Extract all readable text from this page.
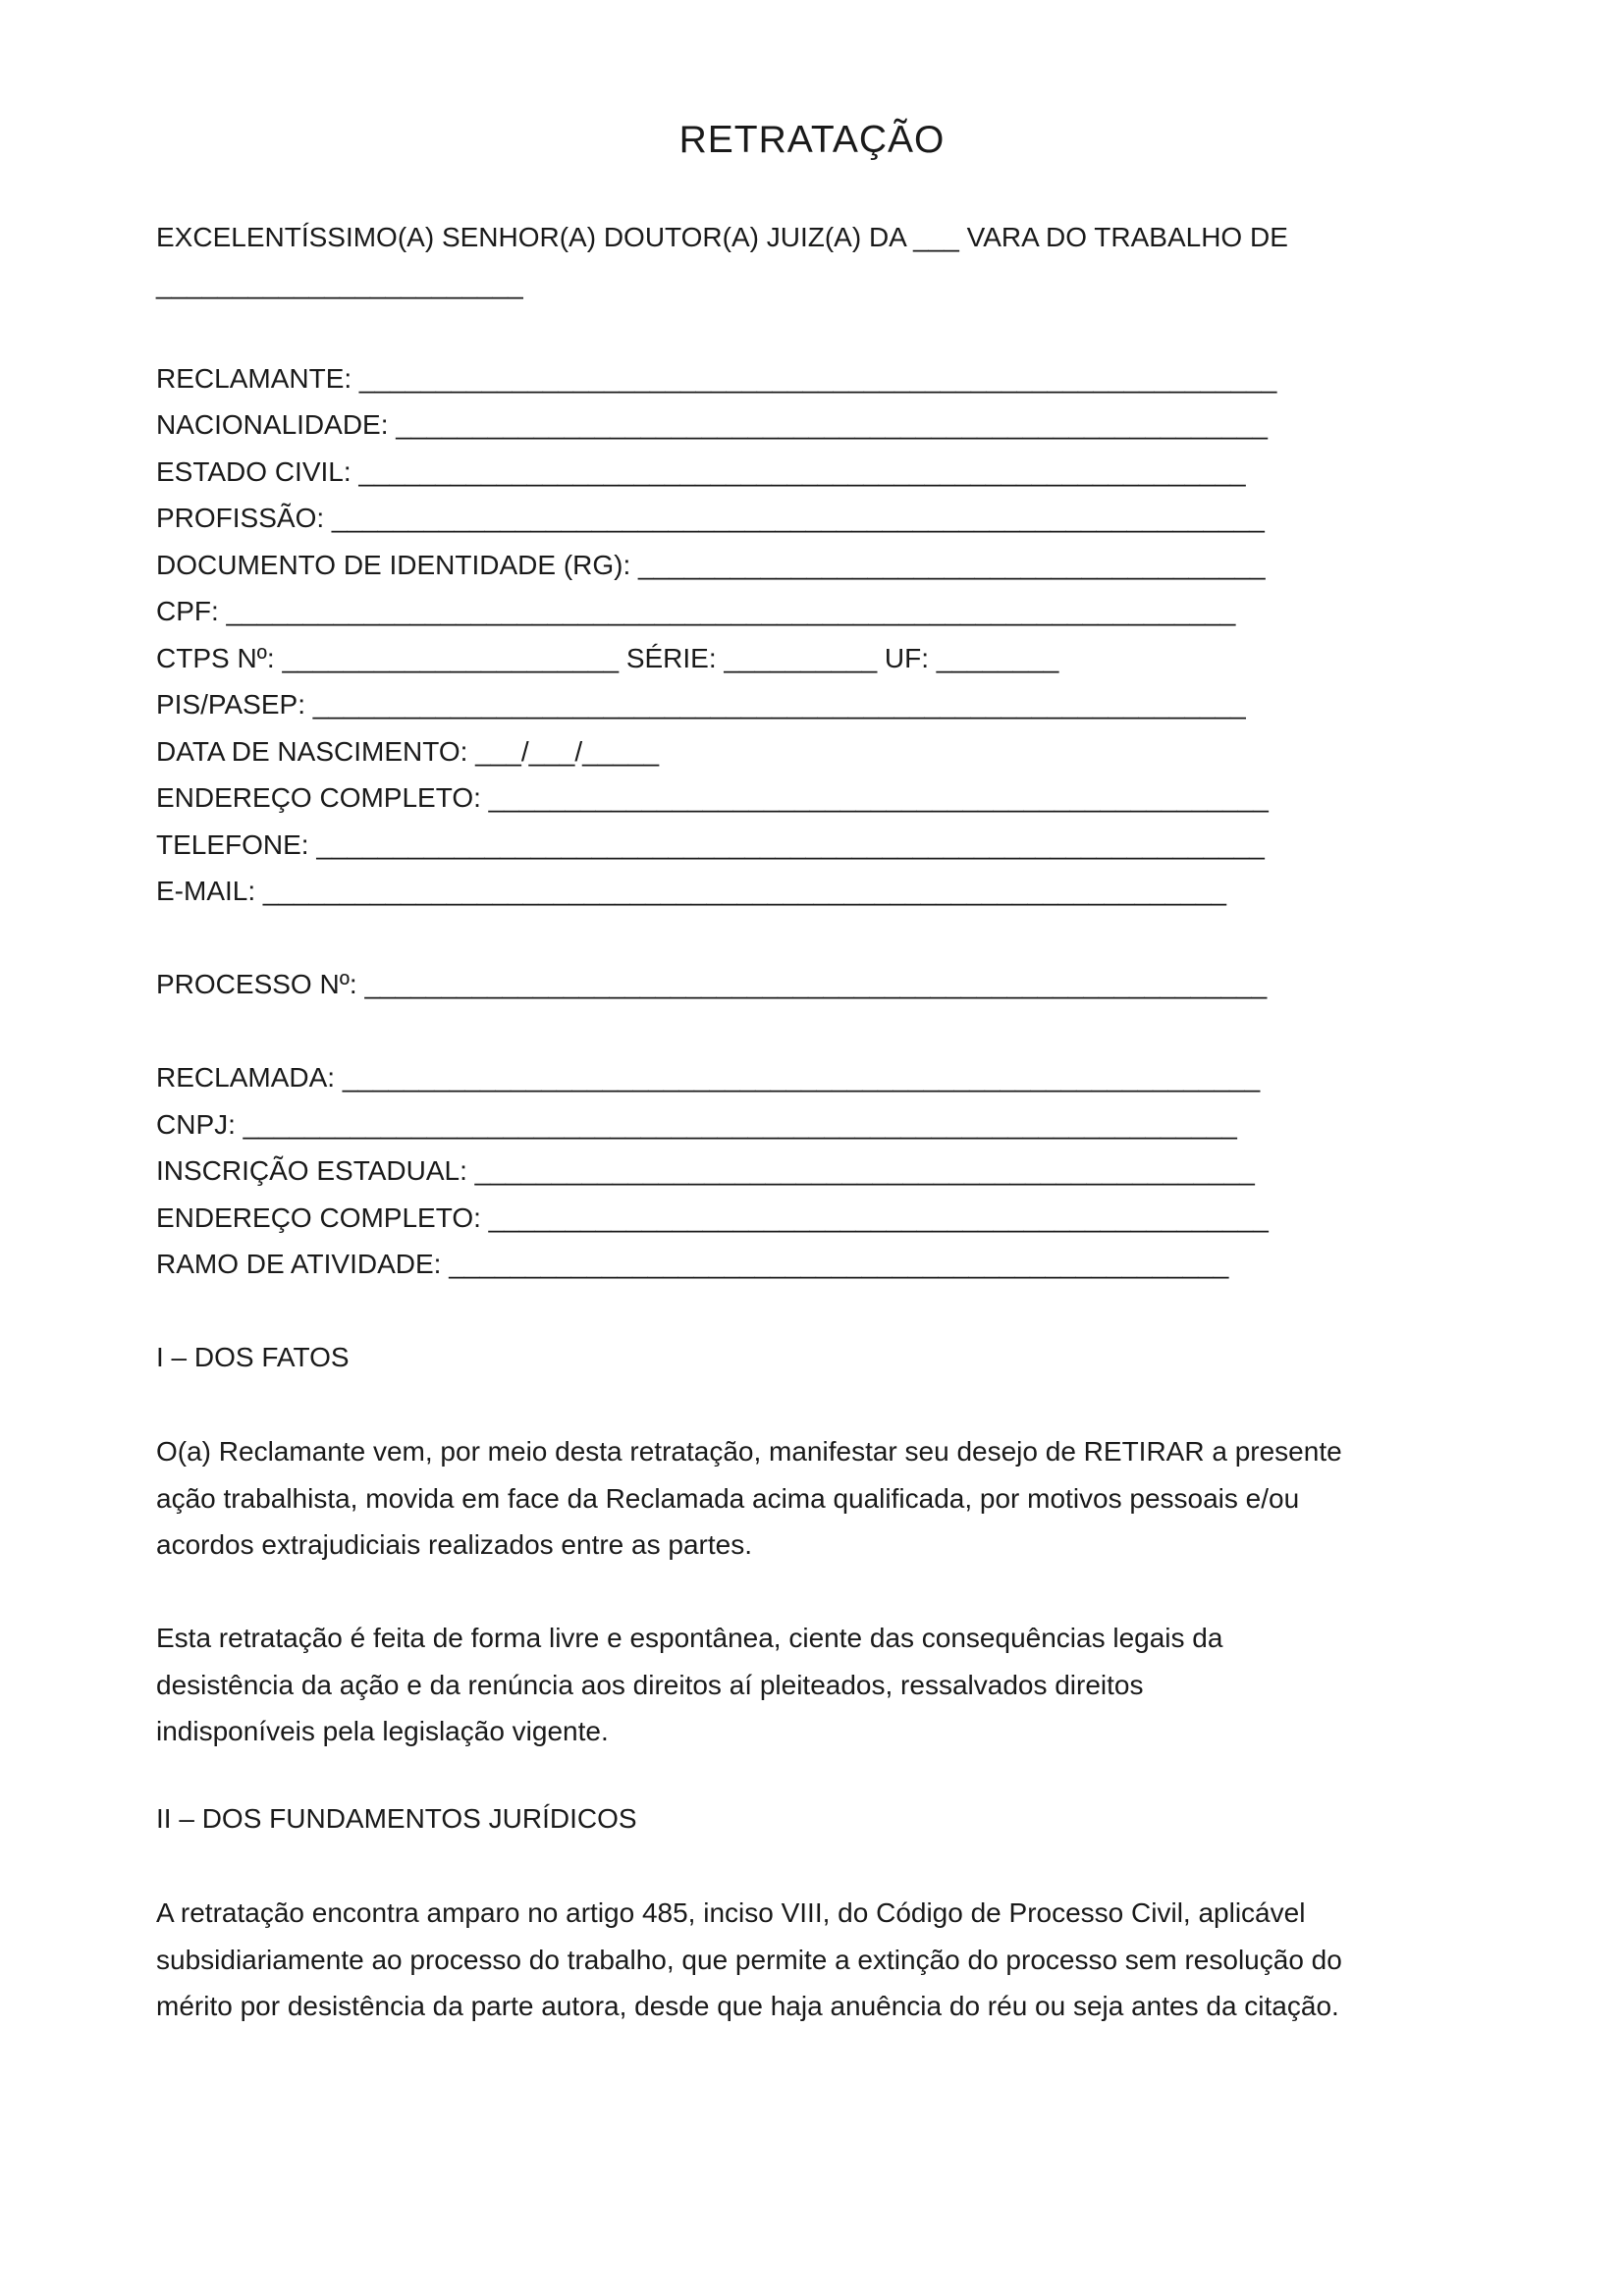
RETRATAÇÃO
EXCELENTÍSSIMO(A) SENHOR(A) DOUTOR(A) JUIZ(A) DA ___ VARA DO TRABALHO DE
________________________
RECLAMANTE: ____________________________________________________________
NACIONALIDADE: _________________________________________________________
ESTADO CIVIL: __________________________________________________________
PROFISSÃO: _____________________________________________________________
DOCUMENTO DE IDENTIDADE (RG): _________________________________________
CPF: __________________________________________________________________
CTPS Nº: ______________________ SÉRIE: __________ UF: ________
PIS/PASEP: _____________________________________________________________
DATA DE NASCIMENTO: ___/___/_____
ENDEREÇO COMPLETO: ___________________________________________________
TELEFONE: ______________________________________________________________
E-MAIL: _______________________________________________________________
PROCESSO Nº: ___________________________________________________________
RECLAMADA: ____________________________________________________________
CNPJ: _________________________________________________________________
INSCRIÇÃO ESTADUAL: ___________________________________________________
ENDEREÇO COMPLETO: ___________________________________________________
RAMO DE ATIVIDADE: ___________________________________________________
I – DOS FATOS
O(a) Reclamante vem, por meio desta retratação, manifestar seu desejo de RETIRAR a presente
ação trabalhista, movida em face da Reclamada acima qualificada, por motivos pessoais e/ou
acordos extrajudiciais realizados entre as partes.
Esta retratação é feita de forma livre e espontânea, ciente das consequências legais da
desistência da ação e da renúncia aos direitos aí pleiteados, ressalvados direitos
indisponíveis pela legislação vigente.
II – DOS FUNDAMENTOS JURÍDICOS
A retratação encontra amparo no artigo 485, inciso VIII, do Código de Processo Civil, aplicável
subsidiariamente ao processo do trabalho, que permite a extinção do processo sem resolução do
mérito por desistência da parte autora, desde que haja anuência do réu ou seja antes da citação.
